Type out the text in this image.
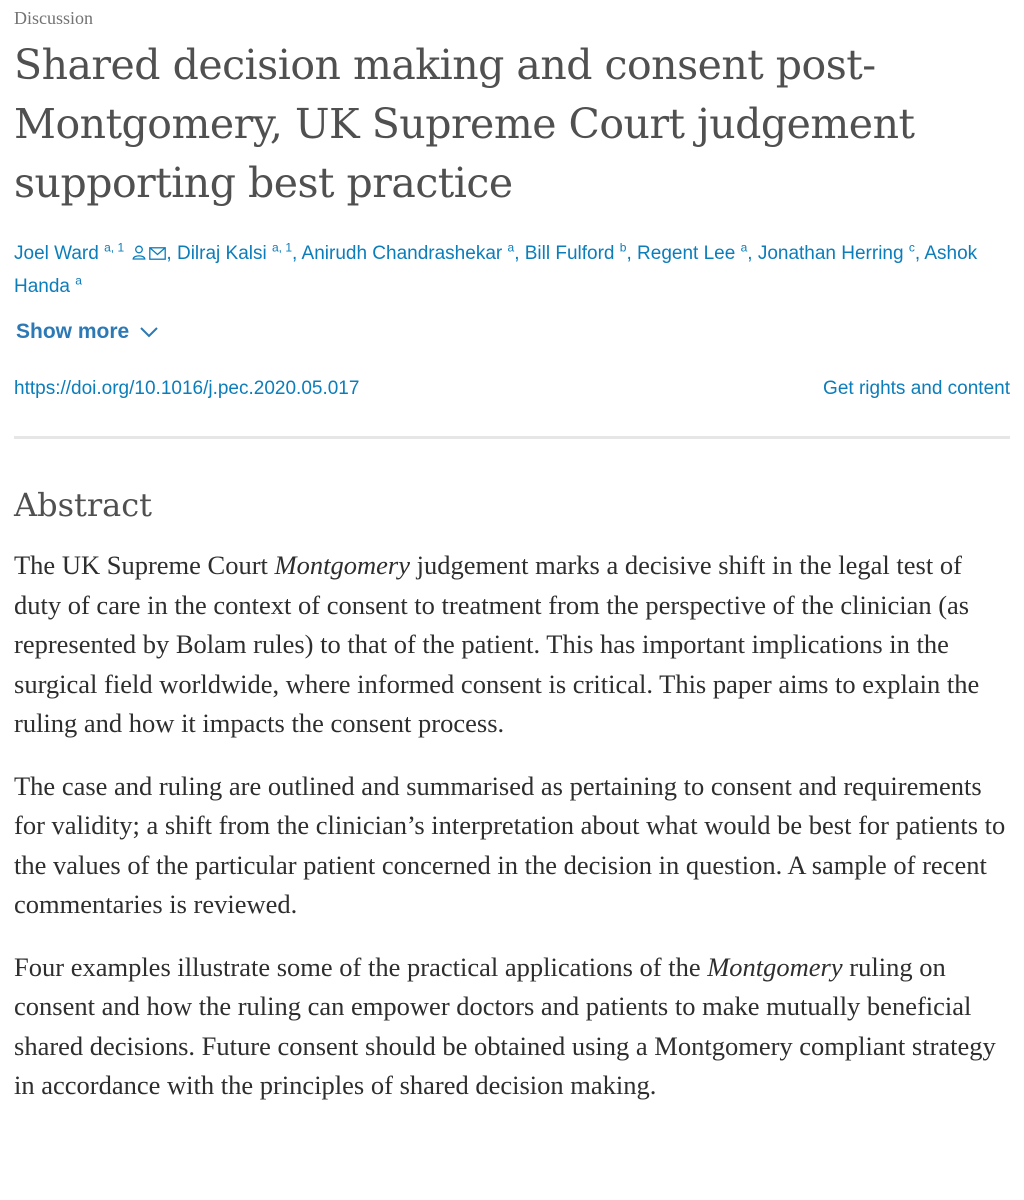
Discussion
Shared decision making and consent post-Montgomery, UK Supreme Court judgement supporting best practice
Joel Ward $^{a, 1}$ , Dilraj Kalsi $^{a, 1}$, Anirudh Chandrashekar $^a$, Bill Fulford $^b$, Regent Lee $^a$, Jonathan Herring $^c$, Ashok Handa $^a$
Show more
https://doi.org/10.1016/j.pec.2020.05.017	Get rights and content
Abstract

The UK Supreme Court Montgomery judgement marks a decisive shift in the legal test of duty of care in the context of consent to treatment from the perspective of the clinician (as represented by Bolam rules) to that of the patient. This has important implications in the surgical field worldwide, where informed consent is critical. This paper aims to explain the ruling and how it impacts the consent process.

The case and ruling are outlined and summarised as pertaining to consent and requirements for validity; a shift from the clinician’s interpretation about what would be best for patients to the values of the particular patient concerned in the decision in question. A sample of recent commentaries is reviewed.

Four examples illustrate some of the practical applications of the Montgomery ruling on consent and how the ruling can empower doctors and patients to make mutually beneficial shared decisions. Future consent should be obtained using a Montgomery compliant strategy in accordance with the principles of shared decision making.
